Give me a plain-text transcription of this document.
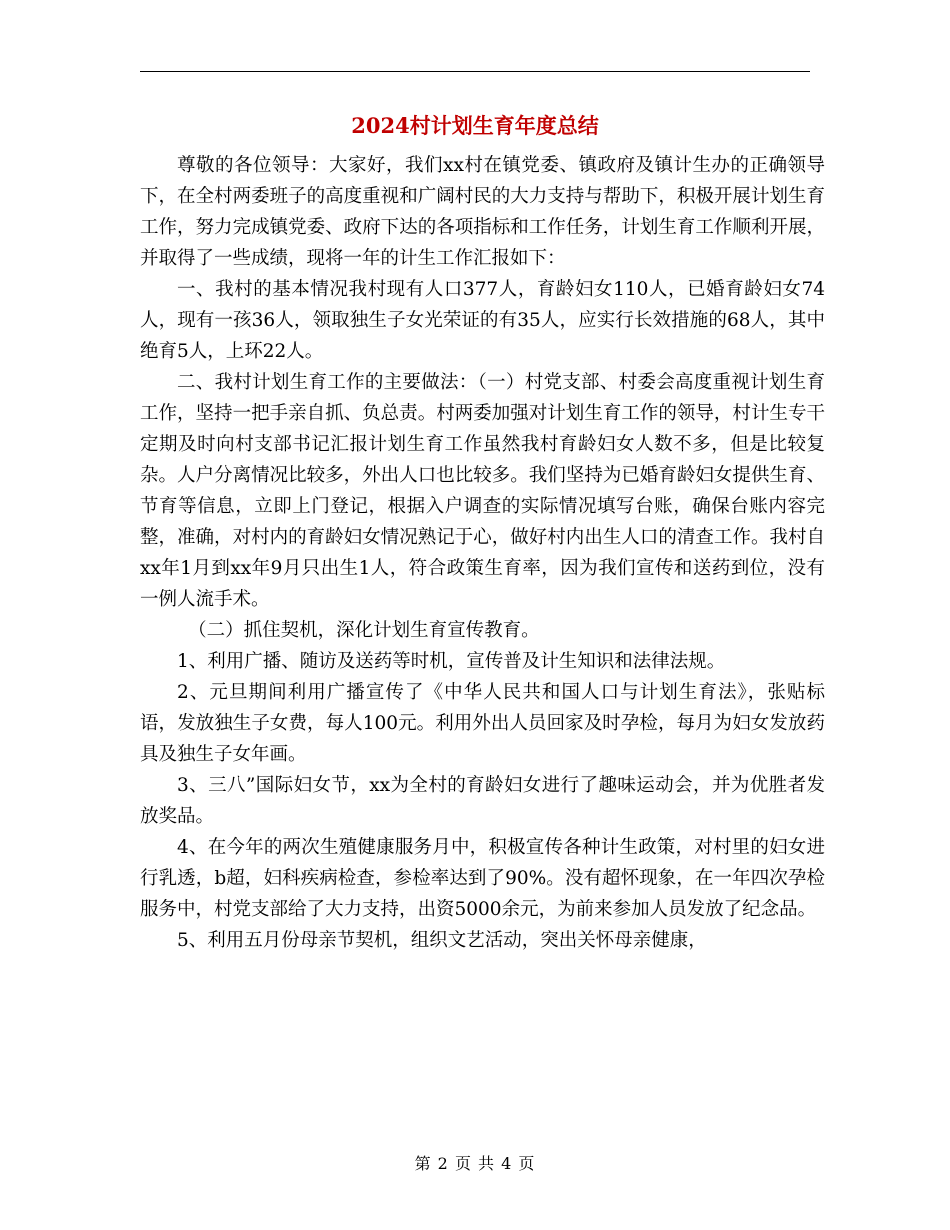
2024村计划生育年度总结

尊敬的各位领导：大家好，我们xx村在镇党委、镇政府及镇计生办的正确领导下，在全村两委班子的高度重视和广阔村民的大力支持与帮助下，积极开展计划生育工作，努力完成镇党委、政府下达的各项指标和工作任务，计划生育工作顺利开展，并取得了一些成绩，现将一年的计生工作汇报如下：

一、我村的基本情况我村现有人口377人，育龄妇女110人，已婚育龄妇女74人，现有一孩36人，领取独生子女光荣证的有35人，应实行长效措施的68人，其中绝育5人，上环22人。

二、我村计划生育工作的主要做法：（一）村党支部、村委会高度重视计划生育工作，坚持一把手亲自抓、负总责。村两委加强对计划生育工作的领导，村计生专干定期及时向村支部书记汇报计划生育工作虽然我村育龄妇女人数不多，但是比较复杂。人户分离情况比较多，外出人口也比较多。我们坚持为已婚育龄妇女提供生育、节育等信息，立即上门登记，根据入户调查的实际情况填写台账，确保台账内容完整，准确，对村内的育龄妇女情况熟记于心，做好村内出生人口的清查工作。我村自xx年1月到xx年9月只出生1人，符合政策生育率，因为我们宣传和送药到位，没有一例人流手术。

（二）抓住契机，深化计划生育宣传教育。

1、利用广播、随访及送药等时机，宣传普及计生知识和法律法规。

2、元旦期间利用广播宣传了《中华人民共和国人口与计划生育法》，张贴标语，发放独生子女费，每人100元。利用外出人员回家及时孕检，每月为妇女发放药具及独生子女年画。

3、三八”国际妇女节，xx为全村的育龄妇女进行了趣味运动会，并为优胜者发放奖品。

4、在今年的两次生殖健康服务月中，积极宣传各种计生政策，对村里的妇女进行乳透，b超，妇科疾病检查，参检率达到了90%。没有超怀现象，在一年四次孕检服务中，村党支部给了大力支持，出资5000余元，为前来参加人员发放了纪念品。

5、利用五月份母亲节契机，组织文艺活动，突出关怀母亲健康，

第 2 页 共 4 页
